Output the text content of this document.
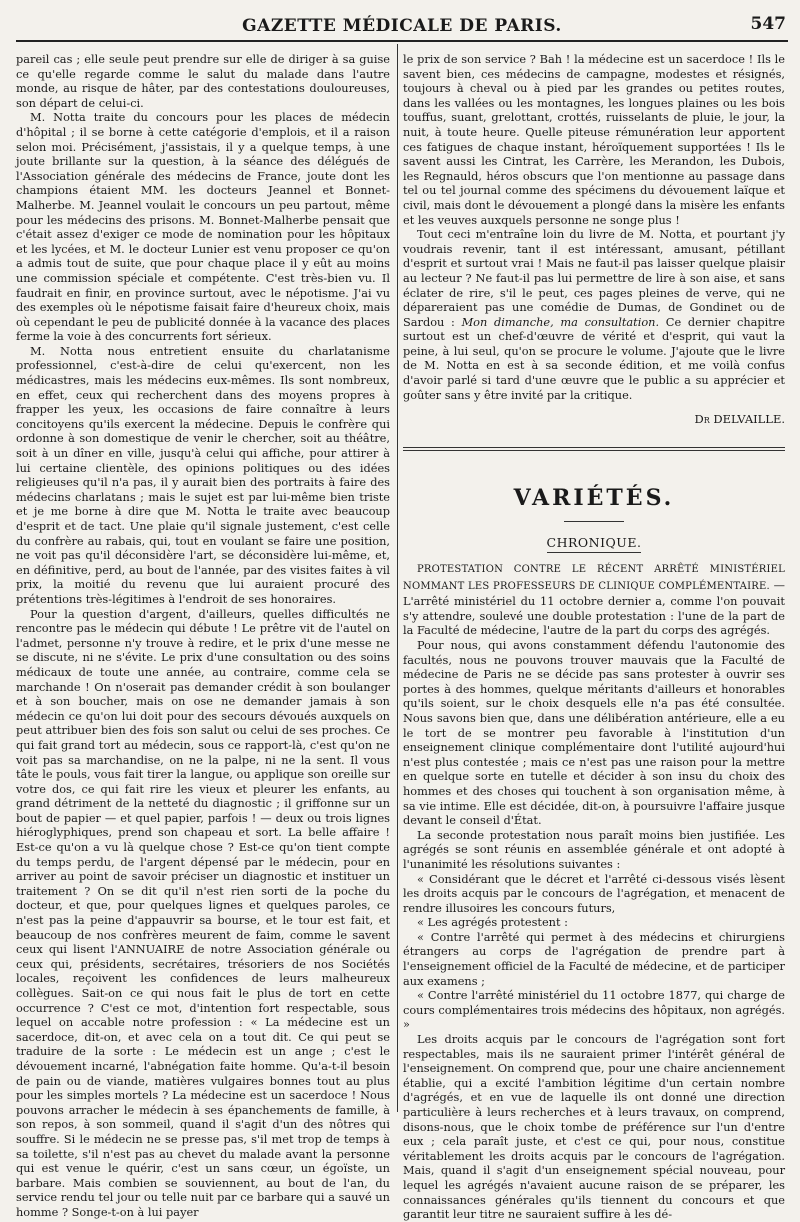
GAZETTE MÉDICALE DE PARIS.	547

pareil cas ; elle seule peut prendre sur elle de diriger à sa guise ce qu'elle regarde comme le salut du malade dans l'autre monde, au risque de hâter, par des contestations douloureuses, son départ de celui-ci.

M. Notta traite du concours pour les places de médecin d'hôpital ; il se borne à cette catégorie d'emplois, et il a raison selon moi. Précisément, j'assistais, il y a quelque temps, à une joute brillante sur la question, à la séance des délégués de l'Association générale des médecins de France, joute dont les champions étaient MM. les docteurs Jeannel et Bonnet-Malherbe. M. Jeannel voulait le concours un peu partout, même pour les médecins des prisons. M. Bonnet-Malherbe pensait que c'était assez d'exiger ce mode de nomination pour les hôpitaux et les lycées, et M. le docteur Lunier est venu proposer ce qu'on a admis tout de suite, que pour chaque place il y eût au moins une commission spéciale et compétente. C'est très-bien vu. Il faudrait en finir, en province surtout, avec le népotisme. J'ai vu des exemples où le népotisme faisait faire d'heureux choix, mais où cependant le peu de publicité donnée à la vacance des places ferme la voie à des concurrents fort sérieux.

M. Notta nous entretient ensuite du charlatanisme professionnel, c'est-à-dire de celui qu'exercent, non les médicastres, mais les médecins eux-mêmes. Ils sont nombreux, en effet, ceux qui recherchent dans des moyens propres à frapper les yeux, les occasions de faire connaître à leurs concitoyens qu'ils exercent la médecine. Depuis le confrère qui ordonne à son domestique de venir le chercher, soit au théâtre, soit à un dîner en ville, jusqu'à celui qui affiche, pour attirer à lui certaine clientèle, des opinions politiques ou des idées religieuses qu'il n'a pas, il y aurait bien des portraits à faire des médecins charlatans ; mais le sujet est par lui-même bien triste et je me borne à dire que M. Notta le traite avec beaucoup d'esprit et de tact. Une plaie qu'il signale justement, c'est celle du confrère au rabais, qui, tout en voulant se faire une position, ne voit pas qu'il déconsidère l'art, se déconsidère lui-même, et, en définitive, perd, au bout de l'année, par des visites faites à vil prix, la moitié du revenu que lui auraient procuré des prétentions très-légitimes à l'endroit de ses honoraires.

Pour la question d'argent, d'ailleurs, quelles difficultés ne rencontre pas le médecin qui débute ! Le prêtre vit de l'autel on l'admet, personne n'y trouve à redire, et le prix d'une messe ne se discute, ni ne s'évite. Le prix d'une consultation ou des soins médicaux de toute une année, au contraire, comme cela se marchande ! On n'oserait pas demander crédit à son boulanger et à son boucher, mais on ose ne demander jamais à son médecin ce qu'on lui doit pour des secours dévoués auxquels on peut attribuer bien des fois son salut ou celui de ses proches. Ce qui fait grand tort au médecin, sous ce rapport-là, c'est qu'on ne voit pas sa marchandise, on ne la palpe, ni ne la sent. Il vous tâte le pouls, vous fait tirer la langue, ou applique son oreille sur votre dos, ce qui fait rire les vieux et pleurer les enfants, au grand détriment de la netteté du diagnostic ; il griffonne sur un bout de papier — et quel papier, parfois ! — deux ou trois lignes hiéroglyphiques, prend son chapeau et sort. La belle affaire ! Est-ce qu'on a vu là quelque chose ? Est-ce qu'on tient compte du temps perdu, de l'argent dépensé par le médecin, pour en arriver au point de savoir préciser un diagnostic et instituer un traitement ? On se dit qu'il n'est rien sorti de la poche du docteur, et que, pour quelques lignes et quelques paroles, ce n'est pas la peine d'appauvrir sa bourse, et le tour est fait, et beaucoup de nos confrères meurent de faim, comme le savent ceux qui lisent l'ANNUAIRE de notre Association générale ou ceux qui, présidents, secrétaires, trésoriers de nos Sociétés locales, reçoivent les confidences de leurs malheureux collègues. Sait-on ce qui nous fait le plus de tort en cette occurrence ? C'est ce mot, d'intention fort respectable, sous lequel on accable notre profession : « La médecine est un sacerdoce, dit-on, et avec cela on a tout dit. Ce qui peut se traduire de la sorte : Le médecin est un ange ; c'est le dévouement incarné, l'abnégation faite homme. Qu'a-t-il besoin de pain ou de viande, matières vulgaires bonnes tout au plus pour les simples mortels ? La médecine est un sacerdoce ! Nous pouvons arracher le médecin à ses épanchements de famille, à son repos, à son sommeil, quand il s'agit d'un des nôtres qui souffre. Si le médecin ne se presse pas, s'il met trop de temps à sa toilette, s'il n'est pas au chevet du malade avant la personne qui est venue le quérir, c'est un sans cœur, un égoïste, un barbare. Mais combien se souviennent, au bout de l'an, du service rendu tel jour ou telle nuit par ce barbare qui a sauvé un homme ? Songe-t-on à lui payer

le prix de son service ? Bah ! la médecine est un sacerdoce ! Ils le savent bien, ces médecins de campagne, modestes et résignés, toujours à cheval ou à pied par les grandes ou petites routes, dans les vallées ou les montagnes, les longues plaines ou les bois touffus, suant, grelottant, crottés, ruisselants de pluie, le jour, la nuit, à toute heure. Quelle piteuse rémunération leur apportent ces fatigues de chaque instant, héroïquement supportées ! Ils le savent aussi les Cintrat, les Carrère, les Merandon, les Dubois, les Regnauld, héros obscurs que l'on mentionne au passage dans tel ou tel journal comme des spécimens du dévouement laïque et civil, mais dont le dévouement a plongé dans la misère les enfants et les veuves auxquels personne ne songe plus !

Tout ceci m'entraîne loin du livre de M. Notta, et pourtant j'y voudrais revenir, tant il est intéressant, amusant, pétillant d'esprit et surtout vrai ! Mais ne faut-il pas laisser quelque plaisir au lecteur ? Ne faut-il pas lui permettre de lire à son aise, et sans éclater de rire, s'il le peut, ces pages pleines de verve, qui ne dépareraient pas une comédie de Dumas, de Gondinet ou de Sardou : Mon dimanche, ma consultation. Ce dernier chapitre surtout est un chef-d'œuvre de vérité et d'esprit, qui vaut la peine, à lui seul, qu'on se procure le volume. J'ajoute que le livre de M. Notta en est à sa seconde édition, et me voilà confus d'avoir parlé si tard d'une œuvre que le public a su apprécier et goûter sans y être invité par la critique.

Dr DELVAILLE.
VARIÉTÉS.
CHRONIQUE.

PROTESTATION CONTRE LE RÉCENT ARRÊTÉ MINISTÉRIEL NOMMANT LES PROFESSEURS DE CLINIQUE COMPLÉMENTAIRE. — L'arrêté ministériel du 11 octobre dernier a, comme l'on pouvait s'y attendre, soulevé une double protestation : l'une de la part de la Faculté de médecine, l'autre de la part du corps des agrégés.

Pour nous, qui avons constamment défendu l'autonomie des facultés, nous ne pouvons trouver mauvais que la Faculté de médecine de Paris ne se décide pas sans protester à ouvrir ses portes à des hommes, quelque méritants d'ailleurs et honorables qu'ils soient, sur le choix desquels elle n'a pas été consultée. Nous savons bien que, dans une délibération antérieure, elle a eu le tort de se montrer peu favorable à l'institution d'un enseignement clinique complémentaire dont l'utilité aujourd'hui n'est plus contestée ; mais ce n'est pas une raison pour la mettre en quelque sorte en tutelle et décider à son insu du choix des hommes et des choses qui touchent à son organisation même, à sa vie intime. Elle est décidée, dit-on, à poursuivre l'affaire jusque devant le conseil d'État.

La seconde protestation nous paraît moins bien justifiée. Les agrégés se sont réunis en assemblée générale et ont adopté à l'unanimité les résolutions suivantes :

« Considérant que le décret et l'arrêté ci-dessous visés lèsent les droits acquis par le concours de l'agrégation, et menacent de rendre illusoires les concours futurs,

« Les agrégés protestent :

« Contre l'arrêté qui permet à des médecins et chirurgiens étrangers au corps de l'agrégation de prendre part à l'enseignement officiel de la Faculté de médecine, et de participer aux examens ;

« Contre l'arrêté ministériel du 11 octobre 1877, qui charge de cours complémentaires trois médecins des hôpitaux, non agrégés. »

Les droits acquis par le concours de l'agrégation sont fort respectables, mais ils ne sauraient primer l'intérêt général de l'enseignement. On comprend que, pour une chaire anciennement établie, qui a excité l'ambition légitime d'un certain nombre d'agrégés, et en vue de laquelle ils ont donné une direction particulière à leurs recherches et à leurs travaux, on comprend, disons-nous, que le choix tombe de préférence sur l'un d'entre eux ; cela paraît juste, et c'est ce qui, pour nous, constitue véritablement les droits acquis par le concours de l'agrégation. Mais, quand il s'agit d'un enseignement spécial nouveau, pour lequel les agrégés n'avaient aucune raison de se préparer, les connaissances générales qu'ils tiennent du concours et que garantit leur titre ne sauraient suffire à les dé-
